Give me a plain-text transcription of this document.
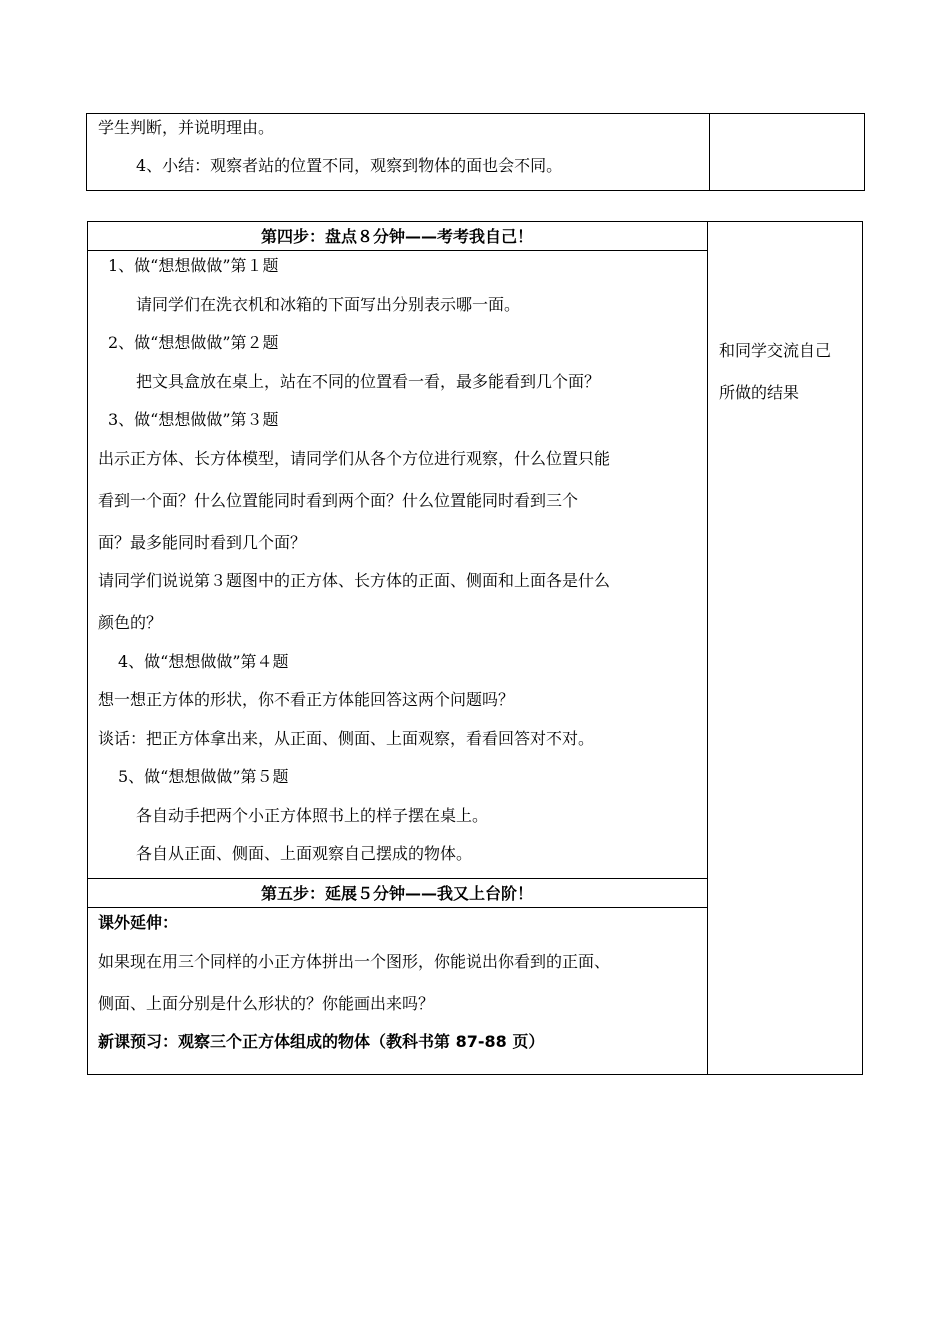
学生判断，并说明理由。
4、小结：观察者站的位置不同，观察到物体的面也会不同。
第四步：盘点８分钟——考考我自己！
1、做“想想做做”第１题
请同学们在洗衣机和冰箱的下面写出分别表示哪一面。
2、做“想想做做”第２题
把文具盒放在桌上，站在不同的位置看一看，最多能看到几个面？
3、做“想想做做”第３题
出示正方体、长方体模型，请同学们从各个方位进行观察，什么位置只能
看到一个面？什么位置能同时看到两个面？什么位置能同时看到三个
面？最多能同时看到几个面？
请同学们说说第３题图中的正方体、长方体的正面、侧面和上面各是什么
颜色的？
4、做“想想做做”第４题
想一想正方体的形状，你不看正方体能回答这两个问题吗？
谈话：把正方体拿出来，从正面、侧面、上面观察，看看回答对不对。
5、做“想想做做”第５题
各自动手把两个小正方体照书上的样子摆在桌上。
各自从正面、侧面、上面观察自己摆成的物体。
第五步：延展５分钟——我又上台阶！
课外延伸：
如果现在用三个同样的小正方体拼出一个图形，你能说出你看到的正面、
侧面、上面分别是什么形状的？你能画出来吗？
新课预习：观察三个正方体组成的物体（教科书第 87-88 页）
和同学交流自己
所做的结果
